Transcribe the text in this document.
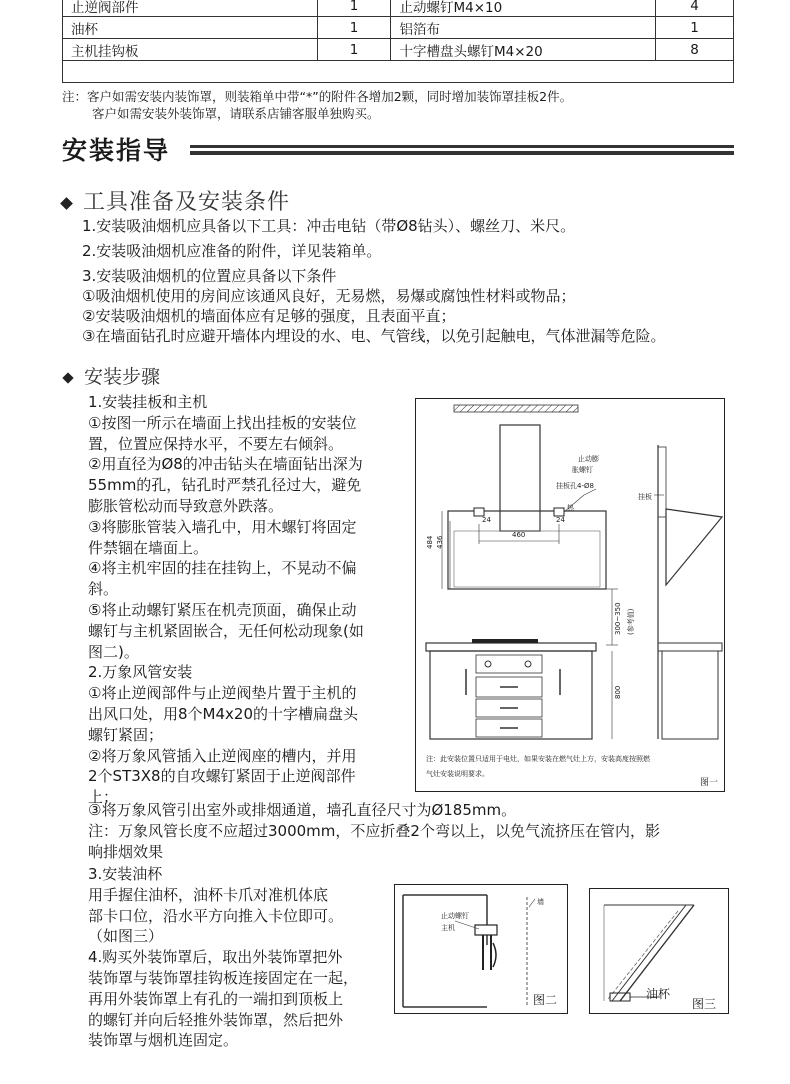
止逆阀部件	1	止动螺钉M4×10	4
油杯	1	铝箔布	1
主机挂钩板	1	十字槽盘头螺钉M4×20	8

注：客户如需安装内装饰罩，则装箱单中带“*”的附件各增加2颗，同时增加装饰罩挂板2件。
客户如需安装外装饰罩，请联系店铺客服单独购买。
安装指导
工具准备及安装条件
1.安装吸油烟机应具备以下工具：冲击电钻（带Ø8钻头）、螺丝刀、米尺。
2.安装吸油烟机应准备的附件，详见装箱单。
3.安装吸油烟机的位置应具备以下条件
①吸油烟机使用的房间应该通风良好，无易燃，易爆或腐蚀性材料或物品；
②安装吸油烟机的墙面体应有足够的强度，且表面平直；
③在墙面钻孔时应避开墙体内埋设的水、电、气管线，以免引起触电，气体泄漏等危险。
安装步骤
1.安装挂板和主机
①按图一所示在墙面上找出挂板的安装位
置，位置应保持水平，不要左右倾斜。
②用直径为Ø8的冲击钻头在墙面钻出深为
55mm的孔，钻孔时严禁孔径过大，避免
膨胀管松动而导致意外跌落。
③将膨胀管装入墙孔中，用木螺钉将固定
件禁锢在墙面上。
④将主机牢固的挂在挂钩上，不晃动不偏
斜。
⑤将止动螺钉紧压在机壳顶面，确保止动
螺钉与主机紧固嵌合，无任何松动现象(如
图二)。
2.万象风管安装
①将止逆阀部件与止逆阀垫片置于主机的
出风口处，用8个M4x20的十字槽扁盘头
螺钉紧固；
②将万象风管插入止逆阀座的槽内，并用
2个ST3X8的自攻螺钉紧固于止逆阀部件
上；
止动膨
胀螺钉
挂板孔4-Ø8
挂板
24	24
热
460
484 436
300~350 (参考值)
800
注：此安装位置只适用于电灶，如果安装在燃气灶上方，安装高度按照燃
气灶安装说明要求。
图一
③将万象风管引出室外或排烟通道，墙孔直径尺寸为Ø185mm。
注：万象风管长度不应超过3000mm，不应折叠2个弯以上，以免气流挤压在管内，影
响排烟效果
3.安装油杯
用手握住油杯，油杯卡爪对准机体底
部卡口位，沿水平方向推入卡位即可。
（如图三）
4.购买外装饰罩后，取出外装饰罩把外
装饰罩与装饰罩挂钩板连接固定在一起，
再用外装饰罩上有孔的一端扣到顶板上
的螺钉并向后轻推外装饰罩，然后把外
装饰罩与烟机连固定。
止动螺钉
主机
墙
图二	油杯
图三
